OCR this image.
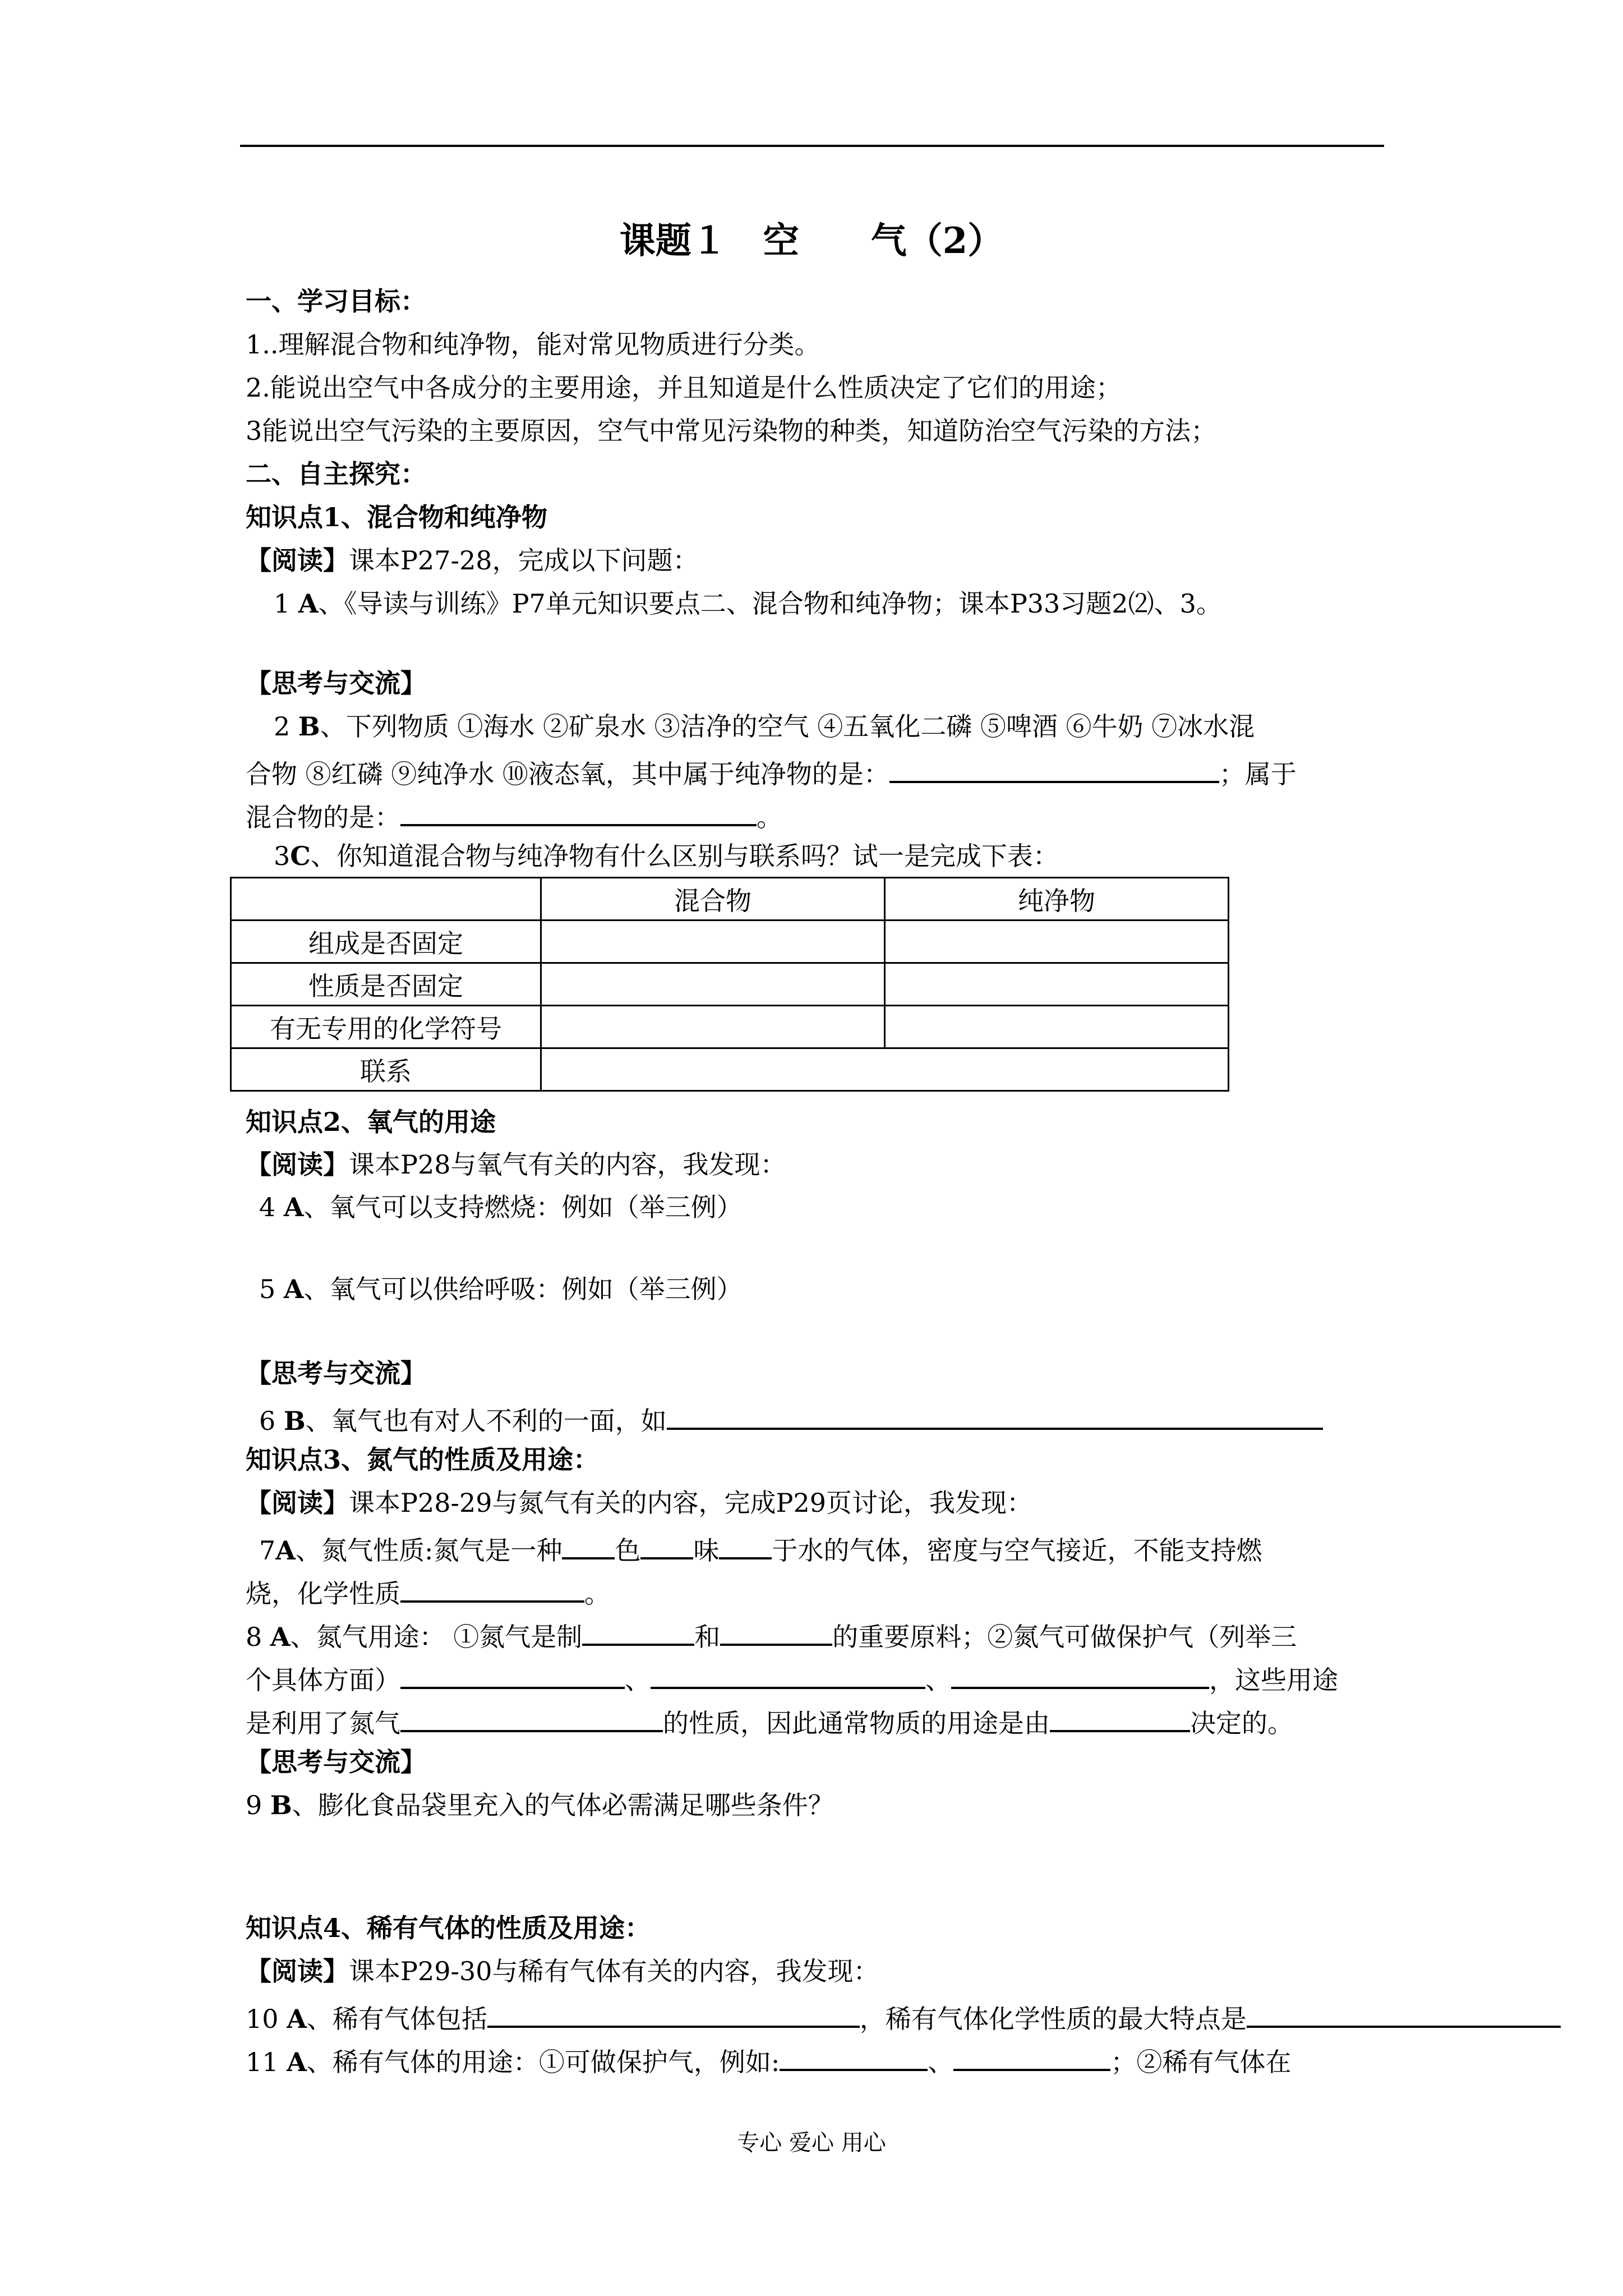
课题１　空　　气（2）
一、学习目标：
1..理解混合物和纯净物，能对常见物质进行分类。
2.能说出空气中各成分的主要用途，并且知道是什么性质决定了它们的用途；
3能说出空气污染的主要原因，空气中常见污染物的种类，知道防治空气污染的方法；
二、自主探究：
知识点1、混合物和纯净物
【阅读】课本P27-28，完成以下问题：
1 A、《导读与训练》P7单元知识要点二、混合物和纯净物；课本P33习题2⑵、3。
【思考与交流】
2 B、下列物质 ①海水 ②矿泉水 ③洁净的空气 ④五氧化二磷 ⑤啤酒 ⑥牛奶 ⑦冰水混
合物 ⑧红磷 ⑨纯净水 ⑩液态氧，其中属于纯净物的是：	；属于
混合物的是：	。
3C、你知道混合物与纯净物有什么区别与联系吗？试一是完成下表：
	混合物	纯净物
组成是否固定		
性质是否固定		
有无专用的化学符号		
联系		
知识点2、氧气的用途
【阅读】课本P28与氧气有关的内容，我发现：
4 A、氧气可以支持燃烧：例如（举三例）
5 A、氧气可以供给呼吸：例如（举三例）
【思考与交流】
6 B、氧气也有对人不利的一面，如
知识点3、氮气的性质及用途：
【阅读】课本P28-29与氮气有关的内容，完成P29页讨论，我发现：
7A、氮气性质:氮气是一种 色 味 于水的气体，密度与空气接近，不能支持燃
烧，化学性质	。
8 A、氮气用途： ①氮气是制	和	的重要原料；②氮气可做保护气（列举三
个具体方面）	、	、	，这些用途
是利用了氮气	的性质，因此通常物质的用途是由	决定的。
【思考与交流】
9 B、膨化食品袋里充入的气体必需满足哪些条件？
知识点4、稀有气体的性质及用途：
【阅读】课本P29-30与稀有气体有关的内容，我发现：
10 A、稀有气体包括	，稀有气体化学性质的最大特点是
11 A、稀有气体的用途：①可做保护气，例如:	、	；②稀有气体在
专心 爱心 用心
